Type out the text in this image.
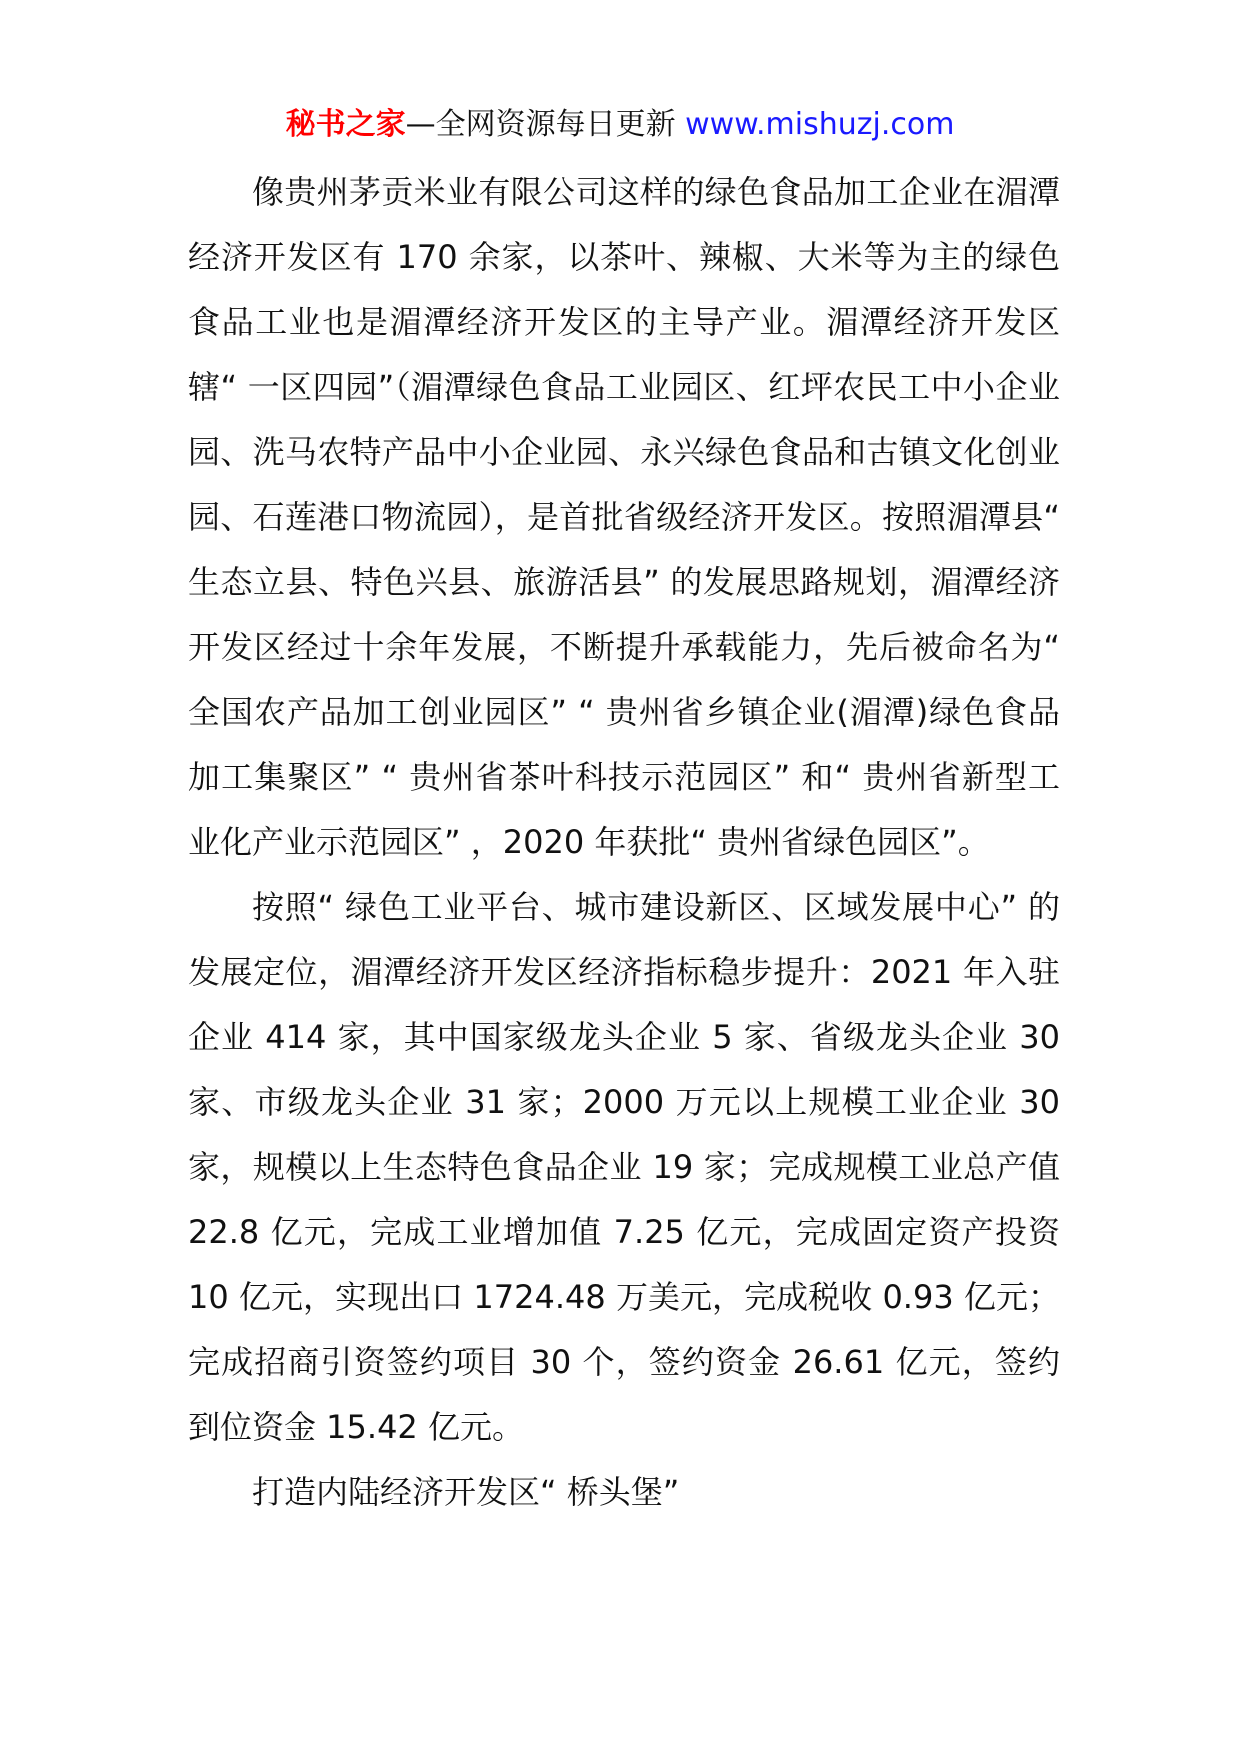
秘书之家—全网资源每日更新 www.mishuzj.com

像贵州茅贡米业有限公司这样的绿色食品加工企业在湄潭经济开发区有 170 余家，以茶叶、辣椒、大米等为主的绿色食品工业也是湄潭经济开发区的主导产业。湄潭经济开发区辖“ 一区四园”（湄潭绿色食品工业园区、红坪农民工中小企业园、洗马农特产品中小企业园、永兴绿色食品和古镇文化创业园、石莲港口物流园），是首批省级经济开发区。按照湄潭县“ 生态立县、特色兴县、旅游活县” 的发展思路规划，湄潭经济开发区经过十余年发展，不断提升承载能力，先后被命名为“ 全国农产品加工创业园区” “ 贵州省乡镇企业(湄潭)绿色食品加工集聚区” “ 贵州省茶叶科技示范园区” 和“ 贵州省新型工业化产业示范园区” ，2020 年获批“ 贵州省绿色园区”。

按照“ 绿色工业平台、城市建设新区、区域发展中心” 的发展定位，湄潭经济开发区经济指标稳步提升：2021 年入驻企业 414 家，其中国家级龙头企业 5 家、省级龙头企业 30 家、市级龙头企业 31 家；2000 万元以上规模工业企业 30 家，规模以上生态特色食品企业 19 家；完成规模工业总产值 22.8 亿元，完成工业增加值 7.25 亿元，完成固定资产投资 10 亿元，实现出口 1724.48 万美元，完成税收 0.93 亿元；完成招商引资签约项目 30 个，签约资金 26.61 亿元，签约到位资金 15.42 亿元。

打造内陆经济开发区“ 桥头堡”
